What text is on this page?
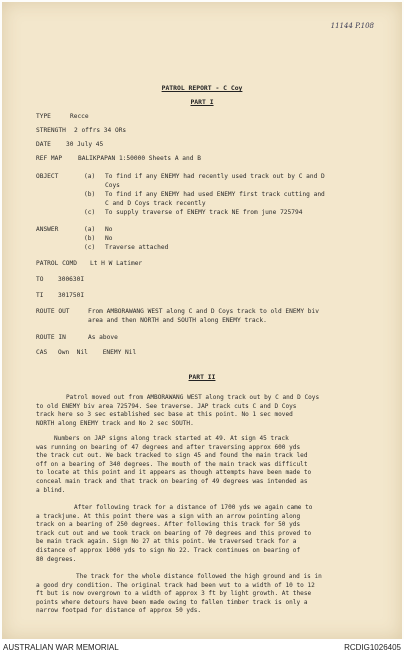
11144 P.108
PATROL REPORT - C Coy
PART I
TYPE	Recce
STRENGTH 2 offrs 34 ORs
DATE 30 July 45
REF MAP	BALIKPAPAN 1:50000 Sheets A and B
OBJECT	(a) To find if any ENEMY had recently used track out by C and D
Coys
(b) To find if any ENEMY had used ENEMY first track cutting and
C and D Coys track recently
(c) To supply traverse of ENEMY track NE from june 725794
ANSWER	(a) No
(b) No
(c) Traverse attached
PATROL COMD Lt H W Latimer
TO 300630I
TI 301750I
ROUTE OUT	From AMBORAWANG WEST along C and D Coys track to old ENEMY biv
area and then NORTH and SOUTH along ENEMY track.
ROUTE IN	As above
CAS Own  Nil    ENEMY Nil
PART II
Patrol moved out from AMBORAWANG WEST along track out by C and D Coys
to old ENEMY biv area 725794. See traverse. JAP track cuts C and D Coys
track here so 3 sec established sec base at this point. No 1 sec moved
NORTH along ENEMY track and No 2 sec SOUTH.
Numbers on JAP signs along track started at 49. At sign 45 track
was running on bearing of 47 degrees and after traversing approx 600 yds
the track cut out. We back tracked to sign 45 and found the main track led
off on a bearing of 340 degrees. The mouth of the main track was difficult
to locate at this point and it appears as though attempts have been made to
conceal main track and that track on bearing of 49 degrees was intended as
a blind.
After following track for a distance of 1700 yds we again came to
a trackjune. At this point there was a sign with an arrow pointing along
track on a bearing of 250 degrees. After following this track for 50 yds
track cut out and we took track on bearing of 70 degrees and this proved to
be main track again. Sign No 27 at this point. We traversed track for a
distance of approx 1000 yds to sign No 22. Track continues on bearing of
80 degrees.
The track for the whole distance followed the high ground and is in
a good dry condition. The original track had been wut to a width of 10 to 12
ft but is now overgrown to a width of approx 3 ft by light growth. At these
points where detours have been made owing to fallen timber track is only a
narrow footpad for distance of approx 50 yds.
AUSTRALIAN WAR MEMORIAL	RCDIG1026405
